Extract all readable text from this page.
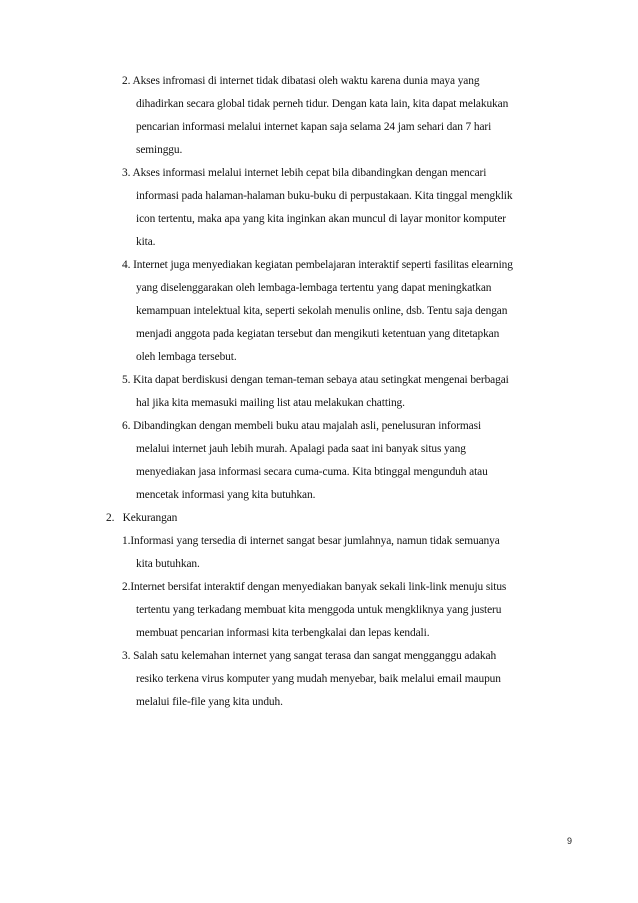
2. Akses infromasi di internet tidak dibatasi oleh waktu karena dunia maya yang
dihadirkan secara global tidak perneh tidur. Dengan kata lain, kita dapat melakukan
pencarian informasi melalui internet kapan saja selama 24 jam sehari dan 7 hari
seminggu.
3. Akses informasi melalui internet lebih cepat bila dibandingkan dengan mencari
informasi pada halaman-halaman buku-buku di perpustakaan. Kita tinggal mengklik
icon tertentu, maka apa yang kita inginkan akan muncul di layar monitor komputer
kita.
4. Internet juga menyediakan kegiatan pembelajaran interaktif seperti fasilitas elearning
yang diselenggarakan oleh lembaga-lembaga tertentu yang dapat meningkatkan
kemampuan intelektual kita, seperti sekolah menulis online, dsb. Tentu saja dengan
menjadi anggota pada kegiatan tersebut dan mengikuti ketentuan yang ditetapkan
oleh lembaga tersebut.
5. Kita dapat berdiskusi dengan teman-teman sebaya atau setingkat mengenai berbagai
hal jika kita memasuki mailing list atau melakukan chatting.
6. Dibandingkan dengan membeli buku atau majalah asli, penelusuran informasi
melalui internet jauh lebih murah. Apalagi pada saat ini banyak situs yang
menyediakan jasa informasi secara cuma-cuma. Kita btinggal mengunduh atau
mencetak informasi yang kita butuhkan.
2.   Kekurangan
1.Informasi yang tersedia di internet sangat besar jumlahnya, namun tidak semuanya
kita butuhkan.
2.Internet bersifat interaktif dengan menyediakan banyak sekali link-link menuju situs
tertentu yang terkadang membuat kita menggoda untuk mengkliknya yang justeru
membuat pencarian informasi kita terbengkalai dan lepas kendali.
3. Salah satu kelemahan internet yang sangat terasa dan sangat mengganggu adakah
resiko terkena virus komputer yang mudah menyebar, baik melalui email maupun
melalui file-file yang kita unduh.
9
